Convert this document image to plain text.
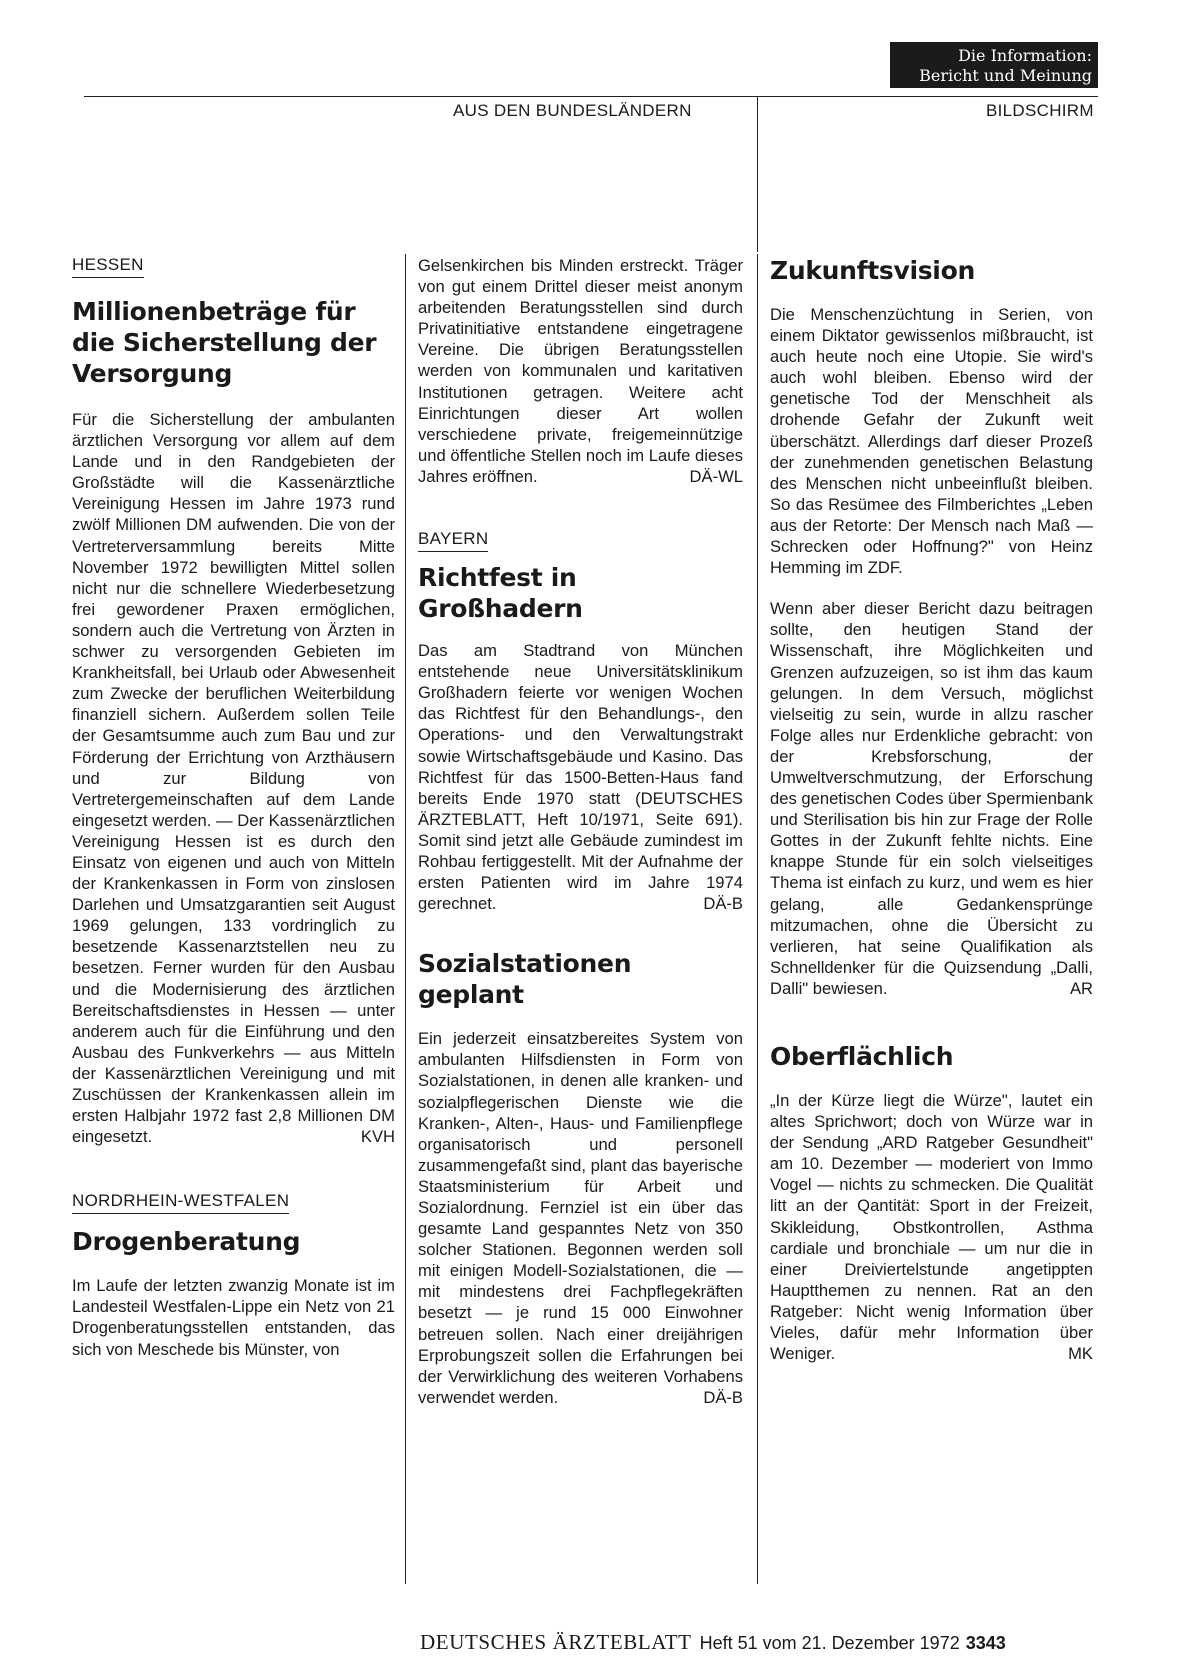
Die Information:
Bericht und Meinung
AUS DEN BUNDESLÄNDERN	BILDSCHIRM
HESSEN
Millionenbeträge für die Sicherstellung der Versorgung

Für die Sicherstellung der ambulanten ärztlichen Versorgung vor allem auf dem Lande und in den Randgebieten der Großstädte will die Kassenärztliche Vereinigung Hessen im Jahre 1973 rund zwölf Millionen DM aufwenden. Die von der Vertreterversammlung bereits Mitte November 1972 bewilligten Mittel sollen nicht nur die schnellere Wiederbesetzung frei gewordener Praxen ermöglichen, sondern auch die Vertretung von Ärzten in schwer zu versorgenden Gebieten im Krankheitsfall, bei Urlaub oder Abwesenheit zum Zwecke der beruflichen Weiterbildung finanziell sichern. Außerdem sollen Teile der Gesamtsumme auch zum Bau und zur Förderung der Errichtung von Arzthäusern und zur Bildung von Vertretergemeinschaften auf dem Lande eingesetzt werden. — Der Kassenärztlichen Vereinigung Hessen ist es durch den Einsatz von eigenen und auch von Mitteln der Krankenkassen in Form von zinslosen Darlehen und Umsatzgarantien seit August 1969 gelungen, 133 vordringlich zu besetzende Kassenarztstellen neu zu besetzen. Ferner wurden für den Ausbau und die Modernisierung des ärztlichen Bereitschaftsdienstes in Hessen — unter anderem auch für die Einführung und den Ausbau des Funkverkehrs — aus Mitteln der Kassenärztlichen Vereinigung und mit Zuschüssen der Krankenkassen allein im ersten Halbjahr 1972 fast 2,8 Millionen DM eingesetzt.	KVH

NORDRHEIN-WESTFALEN
Drogenberatung

Im Laufe der letzten zwanzig Monate ist im Landesteil Westfalen-Lippe ein Netz von 21 Drogenberatungsstellen entstanden, das sich von Meschede bis Münster, von

Gelsenkirchen bis Minden erstreckt. Träger von gut einem Drittel dieser meist anonym arbeitenden Beratungsstellen sind durch Privatinitiative entstandene eingetragene Vereine. Die übrigen Beratungsstellen werden von kommunalen und karitativen Institutionen getragen. Weitere acht Einrichtungen dieser Art wollen verschiedene private, freigemeinnützige und öffentliche Stellen noch im Laufe dieses Jahres eröffnen.	DÄ-WL

BAYERN
Richtfest in Großhadern

Das am Stadtrand von München entstehende neue Universitätsklinikum Großhadern feierte vor wenigen Wochen das Richtfest für den Behandlungs-, den Operations- und den Verwaltungstrakt sowie Wirtschaftsgebäude und Kasino. Das Richtfest für das 1500-Betten-Haus fand bereits Ende 1970 statt (DEUTSCHES ÄRZTEBLATT, Heft 10/1971, Seite 691). Somit sind jetzt alle Gebäude zumindest im Rohbau fertiggestellt. Mit der Aufnahme der ersten Patienten wird im Jahre 1974 gerechnet.	DÄ-B

Sozialstationen geplant

Ein jederzeit einsatzbereites System von ambulanten Hilfsdiensten in Form von Sozialstationen, in denen alle kranken- und sozialpflegerischen Dienste wie die Kranken-, Alten-, Haus- und Familienpflege organisatorisch und personell zusammengefaßt sind, plant das bayerische Staatsministerium für Arbeit und Sozialordnung. Fernziel ist ein über das gesamte Land gespanntes Netz von 350 solcher Stationen. Begonnen werden soll mit einigen Modell-Sozialstationen, die — mit mindestens drei Fachpflegekräften besetzt — je rund 15 000 Einwohner betreuen sollen. Nach einer dreijährigen Erprobungszeit sollen die Erfahrungen bei der Verwirklichung des weiteren Vorhabens verwendet werden.	DÄ-B

Zukunftsvision

Die Menschenzüchtung in Serien, von einem Diktator gewissenlos mißbraucht, ist auch heute noch eine Utopie. Sie wird's auch wohl bleiben. Ebenso wird der genetische Tod der Menschheit als drohende Gefahr der Zukunft weit überschätzt. Allerdings darf dieser Prozeß der zunehmenden genetischen Belastung des Menschen nicht unbeeinflußt bleiben. So das Resümee des Filmberichtes „Leben aus der Retorte: Der Mensch nach Maß — Schrecken oder Hoffnung?" von Heinz Hemming im ZDF.

Wenn aber dieser Bericht dazu beitragen sollte, den heutigen Stand der Wissenschaft, ihre Möglichkeiten und Grenzen aufzuzeigen, so ist ihm das kaum gelungen. In dem Versuch, möglichst vielseitig zu sein, wurde in allzu rascher Folge alles nur Erdenkliche gebracht: von der Krebsforschung, der Umweltverschmutzung, der Erforschung des genetischen Codes über Spermienbank und Sterilisation bis hin zur Frage der Rolle Gottes in der Zukunft fehlte nichts. Eine knappe Stunde für ein solch vielseitiges Thema ist einfach zu kurz, und wem es hier gelang, alle Gedankensprünge mitzumachen, ohne die Übersicht zu verlieren, hat seine Qualifikation als Schnelldenker für die Quizsendung „Dalli, Dalli" bewiesen.	AR

Oberflächlich

„In der Kürze liegt die Würze", lautet ein altes Sprichwort; doch von Würze war in der Sendung „ARD Ratgeber Gesundheit" am 10. Dezember — moderiert von Immo Vogel — nichts zu schmecken. Die Qualität litt an der Qantität: Sport in der Freizeit, Skikleidung, Obstkontrollen, Asthma cardiale und bronchiale — um nur die in einer Dreiviertelstunde angetippten Hauptthemen zu nennen. Rat an den Ratgeber: Nicht wenig Information über Vieles, dafür mehr Information über Weniger.	MK

DEUTSCHES ÄRZTEBLATT Heft 51 vom 21. Dezember 1972 3343
